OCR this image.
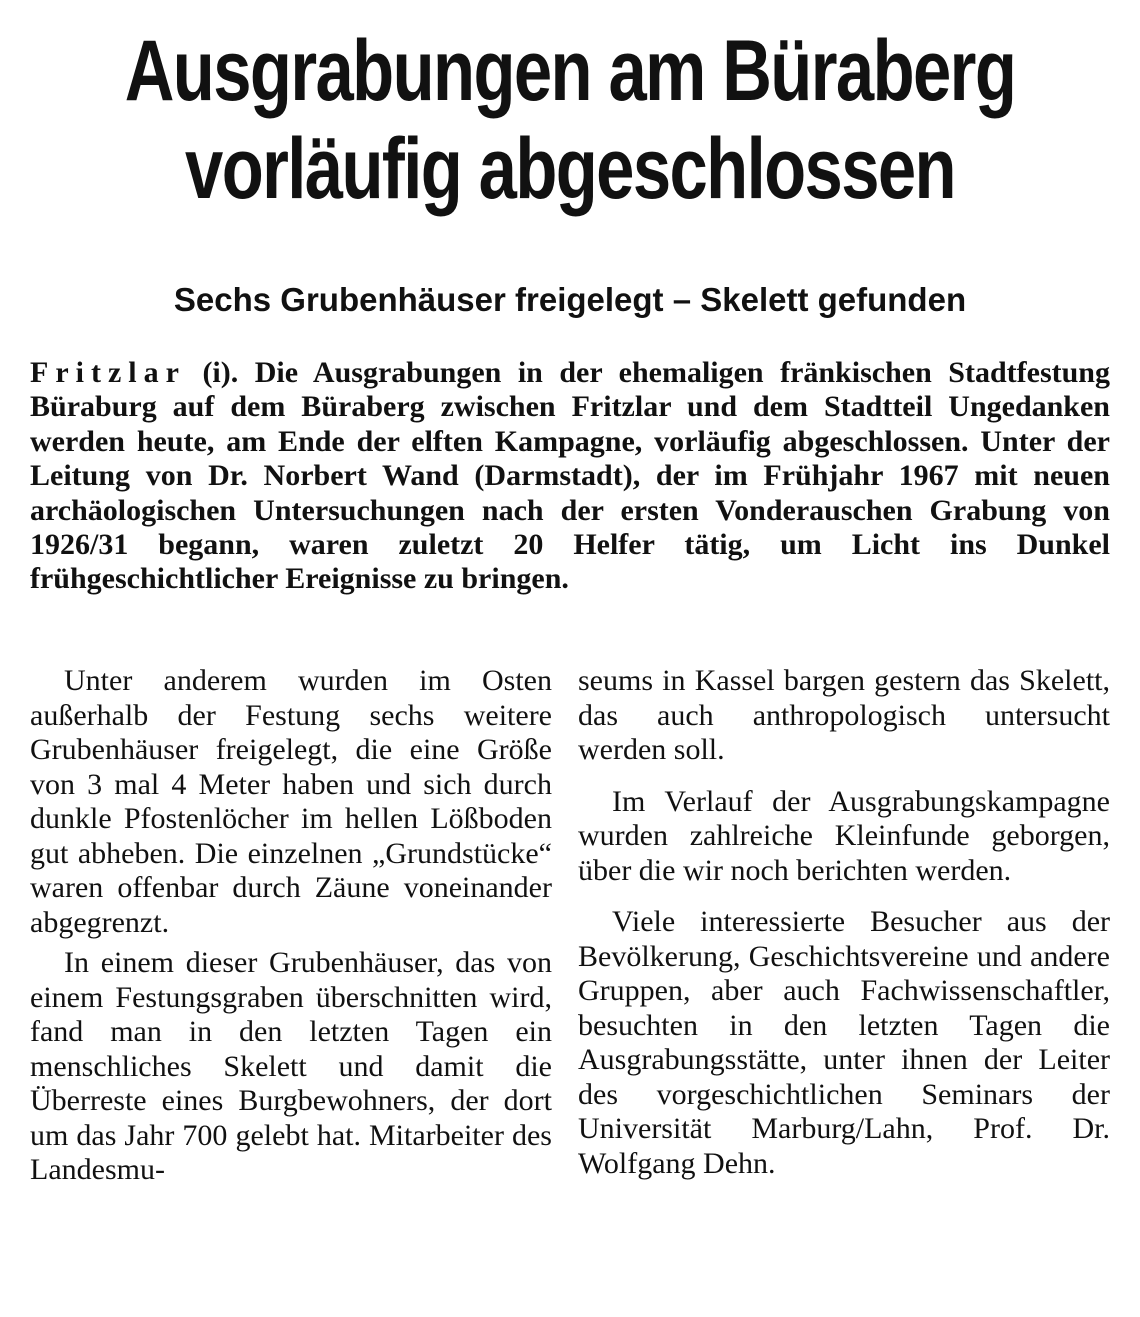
Ausgrabungen am Büraberg
vorläufig abgeschlossen
Sechs Grubenhäuser freigelegt – Skelett gefunden

Fritzlar (i). Die Ausgrabungen in der ehemaligen fränkischen Stadtfestung Büraburg auf dem Büraberg zwischen Fritzlar und dem Stadtteil Ungedanken werden heute, am Ende der elften Kampagne, vorläufig abgeschlossen. Unter der Leitung von Dr. Norbert Wand (Darmstadt), der im Frühjahr 1967 mit neuen archäologischen Untersuchungen nach der ersten Vonderauschen Grabung von 1926/31 begann, waren zuletzt 20 Helfer tätig, um Licht ins Dunkel frühgeschichtlicher Ereignisse zu bringen.

Unter anderem wurden im Osten außerhalb der Festung sechs weitere Grubenhäuser freigelegt, die eine Größe von 3 mal 4 Meter haben und sich durch dunkle Pfostenlöcher im hellen Lößboden gut abheben. Die einzelnen „Grundstücke“ waren offenbar durch Zäune voneinander abgegrenzt.

In einem dieser Grubenhäuser, das von einem Festungsgraben überschnitten wird, fand man in den letzten Tagen ein menschliches Skelett und damit die Überreste eines Burgbewohners, der dort um das Jahr 700 gelebt hat. Mitarbeiter des Landesmu-

seums in Kassel bargen gestern das Skelett, das auch anthropologisch untersucht werden soll.

Im Verlauf der Ausgrabungskampagne wurden zahlreiche Kleinfunde geborgen, über die wir noch berichten werden.

Viele interessierte Besucher aus der Bevölkerung, Geschichtsvereine und andere Gruppen, aber auch Fachwissenschaftler, besuchten in den letzten Tagen die Ausgrabungsstätte, unter ihnen der Leiter des vorgeschichtlichen Seminars der Universität Marburg/Lahn, Prof. Dr. Wolfgang Dehn.
